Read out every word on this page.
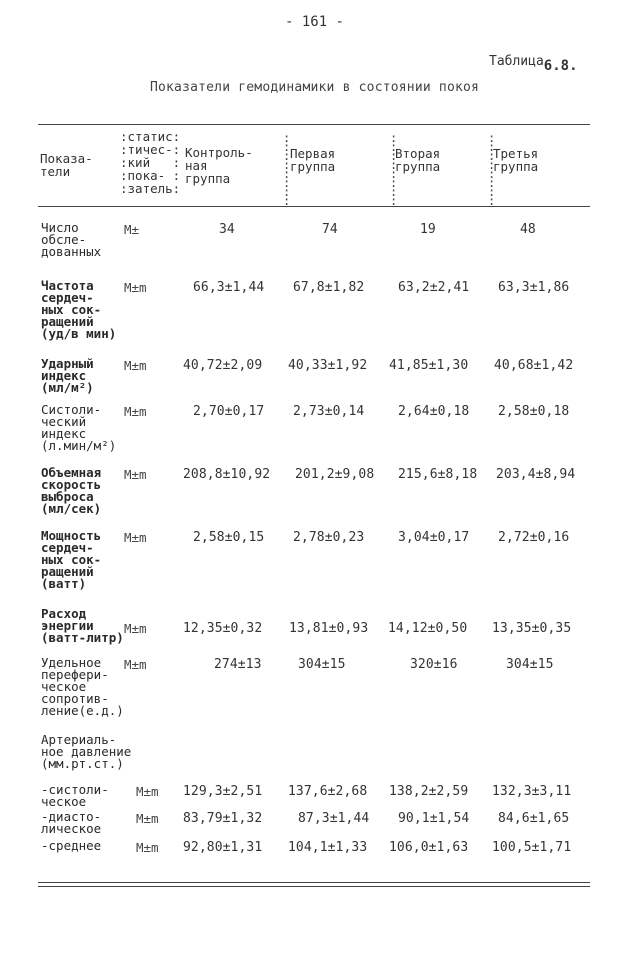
- 161 -
Таблица6.8.
Показатели гемодинамики в состоянии покоя
Показа-
тели
:статис:
:тичес-:
:кий   :
:пока- :
:затель:
Контроль-
ная
группа
Первая
группа
Вторая
группа
Третья
группа
:
:
:
:
:
:
:
:
:
:
:
:
:
:
:
:
:
:
:
:
:
:
:
:
Число
обсле-
дованных
M±	34	74	19	48
Частота
сердеч-
ных сок-
ращений
(уд/в мин)
M±m	66,3±1,44 67,8±1,82	63,2±2,41 63,3±1,86
Ударный
индекс
(мл/м²)
M±m	40,72±2,09 40,33±1,92 41,85±1,30 40,68±1,42
Систоли-
ческий
индекс
(л.мин/м²)
M±m	2,70±0,17 2,73±0,14	2,64±0,18 2,58±0,18
Объемная
скорость
выброса
(мл/сек)
M±m	208,8±10,92 201,2±9,08 215,6±8,18 203,4±8,94
Мощность
сердеч-
ных сок-
ращений
(ватт)
M±m	2,58±0,15 2,78±0,23	3,04±0,17 2,72±0,16
Расход
энергии
(ватт-литр)
M±m	12,35±0,32 13,81±0,93 14,12±0,50 13,35±0,35
Удельное
перефери-
ческое
сопротив-
ление(е.д.)
M±m	274±13	304±15	320±16	304±15
Артериаль-
ное давление
(мм.рт.ст.)
-систоли-
ческое
M±m 129,3±2,51 137,6±2,68 138,2±2,59 132,3±3,11
-диасто-
лическое
M±m 83,79±1,32	87,3±1,44 90,1±1,54 84,6±1,65
-среднее	M±m 92,80±1,31 104,1±1,33 106,0±1,63 100,5±1,71
